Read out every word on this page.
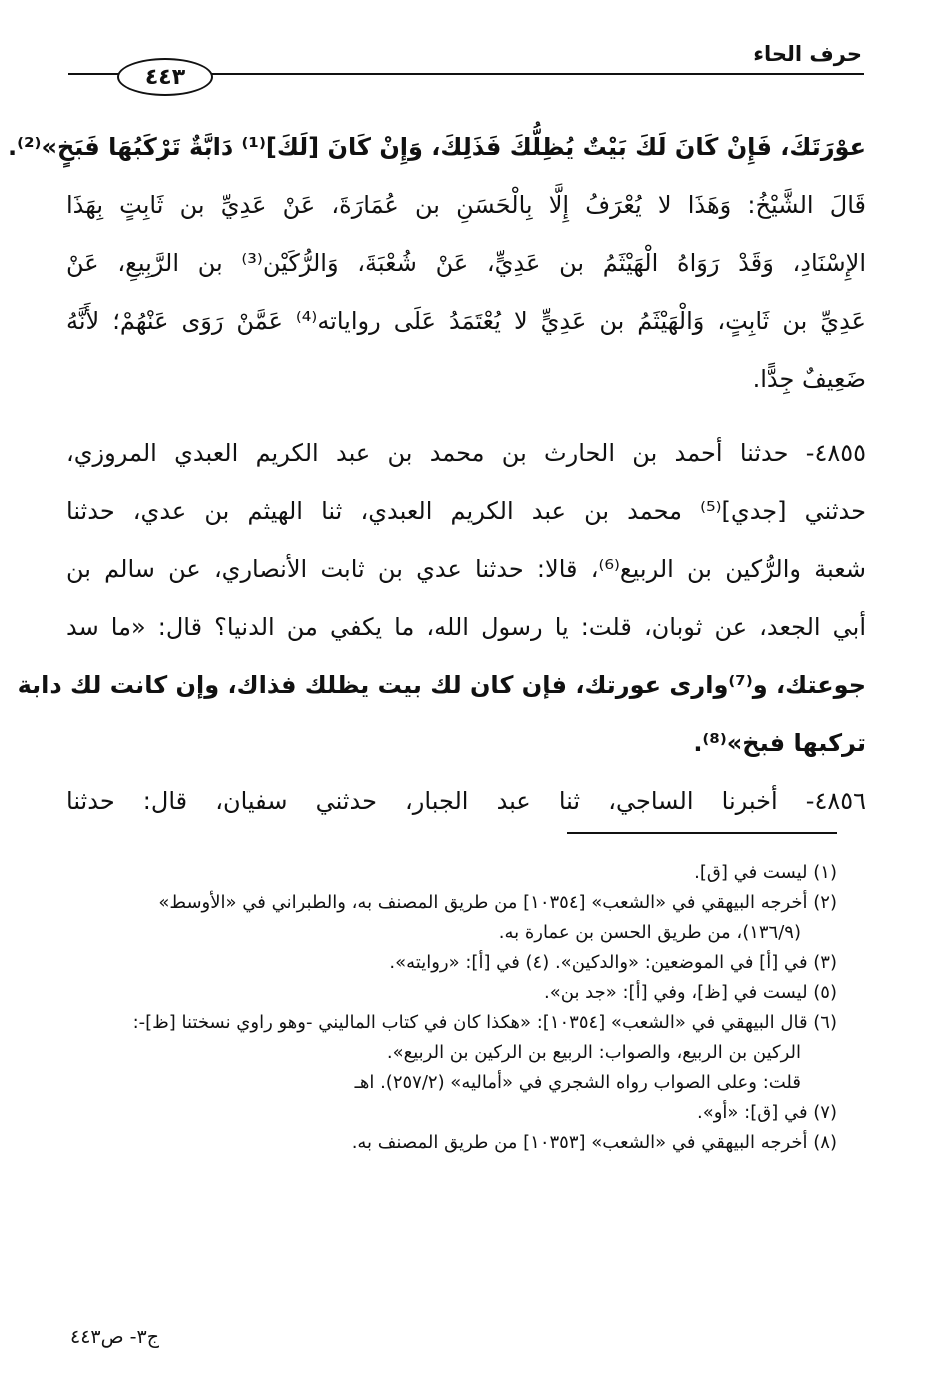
حرف الحاء
٤٤٣
عوْرَتَكَ، فَإِنْ كَانَ لَكَ بَيْتٌ يُظِلُّكَ فَذَلِكَ، وَإِنْ كَانَ [لَكَ]⁽¹⁾ دَابَّةٌ تَرْكَبُهَا فَبَخٍ»⁽²⁾.
قَالَ الشَّيْخُ: وَهَذَا لا يُعْرَفُ إِلَّا بِالْحَسَنِ بن عُمَارَةَ، عَنْ عَدِيِّ بن ثَابِتٍ بِهَذَا
الإِسْنَادِ، وَقَدْ رَوَاهُ الْهَيْثَمُ بن عَدِيٍّ، عَنْ شُعْبَةَ، وَالرُّكَيْن⁽³⁾ بن الرَّبِيعِ، عَنْ
عَدِيِّ بن ثَابِتٍ، وَالْهَيْثَمُ بن عَدِيٍّ لا يُعْتَمَدُ عَلَى رواياته⁽⁴⁾ عَمَّنْ رَوَى عَنْهُمْ؛ لأَنَّهُ
ضَعِيفٌ جِدًّا.
٤٨٥٥- حدثنا أحمد بن الحارث بن محمد بن عبد الكريم العبدي المروزي،
حدثني [جدي]⁽⁵⁾ محمد بن عبد الكريم العبدي، ثنا الهيثم بن عدي، حدثنا
شعبة والرُّكين بن الربيع⁽⁶⁾، قالا: حدثنا عدي بن ثابت الأنصاري، عن سالم بن
أبي الجعد، عن ثوبان، قلت: يا رسول الله، ما يكفي من الدنيا؟ قال: «ما سد
جوعتك، و⁽⁷⁾وارى عورتك، فإن كان لك بيت يظلك فذاك، وإن كانت لك دابة
تركبها فبخ»⁽⁸⁾.
٤٨٥٦- أخبرنا الساجي، ثنا عبد الجبار، حدثني سفيان، قال: حدثنا
(١) ليست في [ق].
(٢) أخرجه البيهقي في «الشعب» [١٠٣٥٤] من طريق المصنف به، والطبراني في «الأوسط»
(١٣٦/٩)، من طريق الحسن بن عمارة به.
(٣) في [أ] في الموضعين: «والدكين». (٤) في [أ]: «روايته».
(٥) ليست في [ظ]، وفي [أ]: «جد بن».
(٦) قال البيهقي في «الشعب» [١٠٣٥٤]: «هكذا كان في كتاب الماليني -وهو راوي نسختنا [ظ]-:
الركين بن الربيع، والصواب: الربيع بن الركين بن الربيع».
قلت: وعلى الصواب رواه الشجري في «أماليه» (٢٥٧/٢). اهـ
(٧) في [ق]: «أو».
(٨) أخرجه البيهقي في «الشعب» [١٠٣٥٣] من طريق المصنف به.
ج٣- ص٤٤٣
